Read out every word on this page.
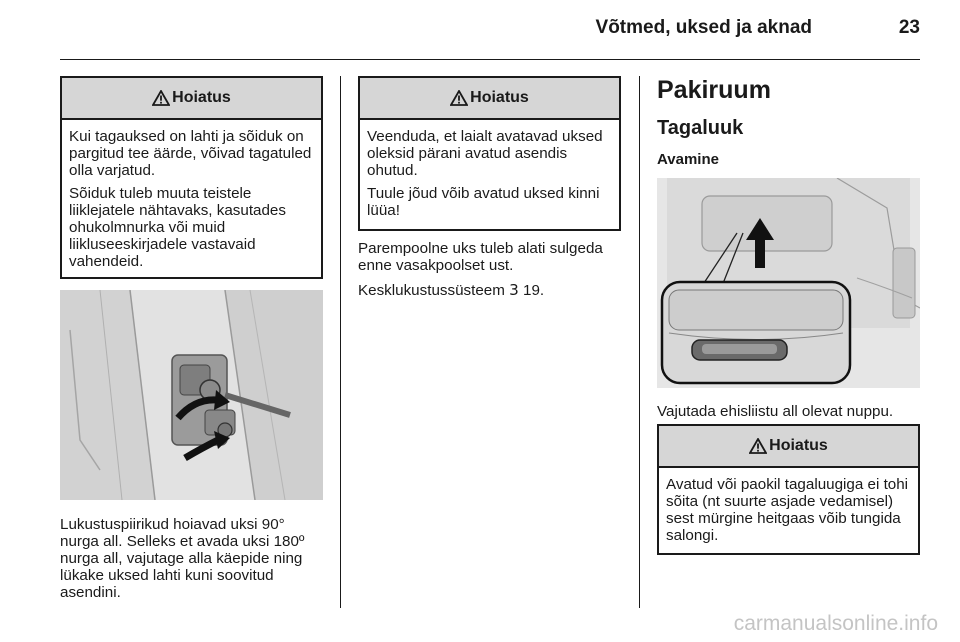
Võtmed, uksed ja aknad	23
Hoiatus

Kui tagauksed on lahti ja sõiduk on pargitud tee äärde, võivad tagatuled olla varjatud.

Sõiduk tuleb muuta teistele liiklejatele nähtavaks, kasutades ohukolmnurka või muid liikluseeskirjadele vastavaid vahendeid.

Lukustuspiirikud hoiavad uksi 90° nurga all. Selleks et avada uksi 180º nurga all, vajutage alla käepide ning lükake uksed lahti kuni soovitud asendini.

Hoiatus

Veenduda, et laialt avatavad uksed oleksid pärani avatud asendis ohutud.

Tuule jõud võib avatud uksed kinni lüüa!

Parempoolne uks tuleb alati sulgeda enne vasakpoolset ust.

Kesklukustussüsteem 3 19.

Pakiruum
Tagaluuk
Avamine

Vajutada ehisliistu all olevat nuppu.

Hoiatus

Avatud või paokil tagaluugiga ei tohi sõita (nt suurte asjade vedamisel) sest mürgine heitgaas võib tungida salongi.

carmanualsonline.info
